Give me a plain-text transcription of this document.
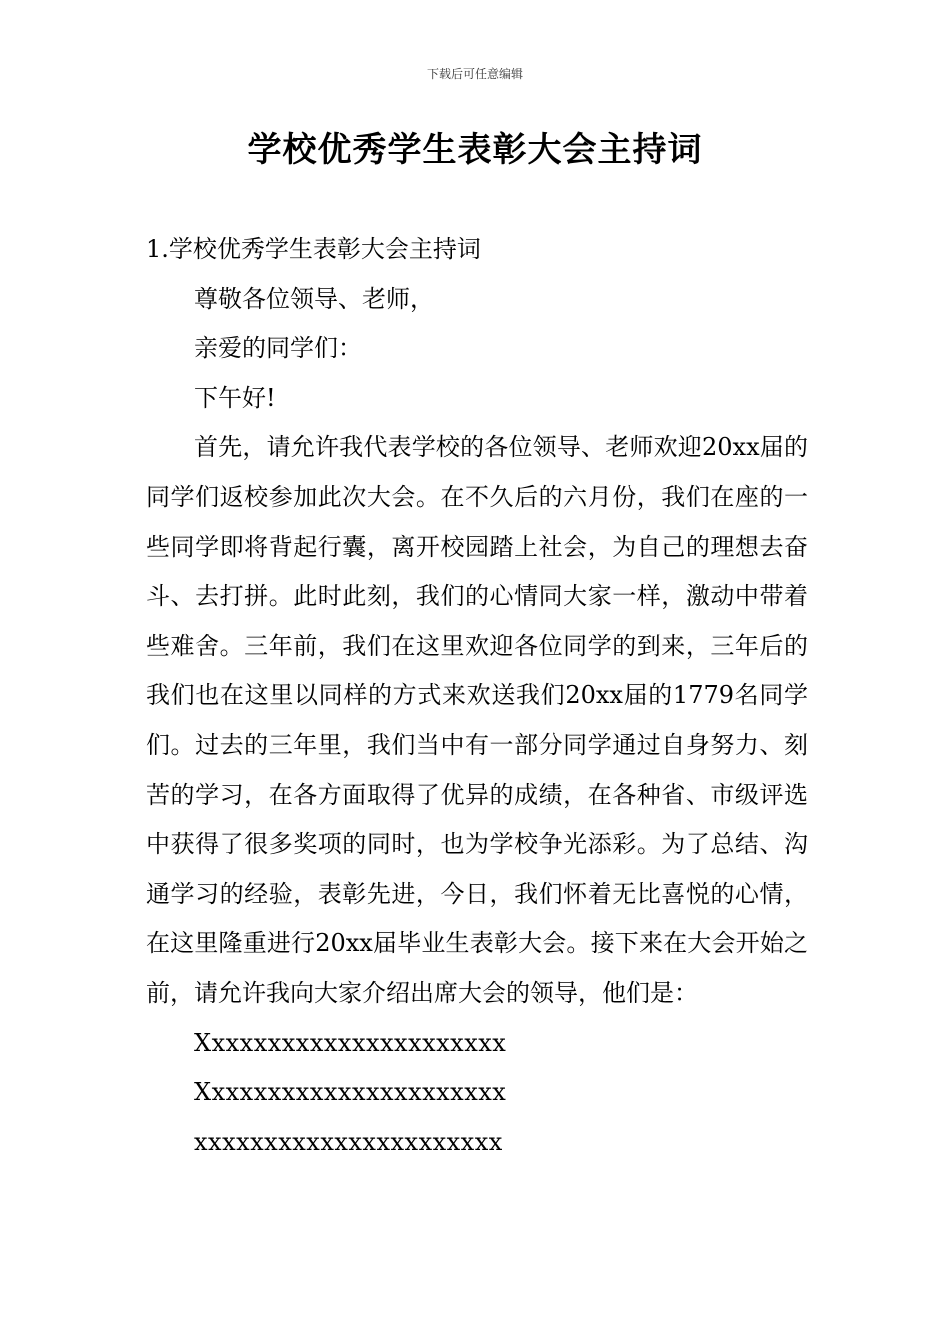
下载后可任意编辑
学校优秀学生表彰大会主持词

1.学校优秀学生表彰大会主持词

尊敬各位领导、老师，

亲爱的同学们：

下午好!

首先，请允许我代表学校的各位领导、老师欢迎20xx届的同学们返校参加此次大会。在不久后的六月份，我们在座的一些同学即将背起行囊，离开校园踏上社会，为自己的理想去奋斗、去打拼。此时此刻，我们的心情同大家一样，激动中带着些难舍。三年前，我们在这里欢迎各位同学的到来，三年后的我们也在这里以同样的方式来欢送我们20xx届的1779名同学们。过去的三年里，我们当中有一部分同学通过自身努力、刻苦的学习，在各方面取得了优异的成绩，在各种省、市级评选中获得了很多奖项的同时，也为学校争光添彩。为了总结、沟通学习的经验，表彰先进，今日，我们怀着无比喜悦的心情，在这里隆重进行20xx届毕业生表彰大会。接下来在大会开始之前，请允许我向大家介绍出席大会的领导，他们是：

Xxxxxxxxxxxxxxxxxxxxxx

Xxxxxxxxxxxxxxxxxxxxxx

xxxxxxxxxxxxxxxxxxxxxx
